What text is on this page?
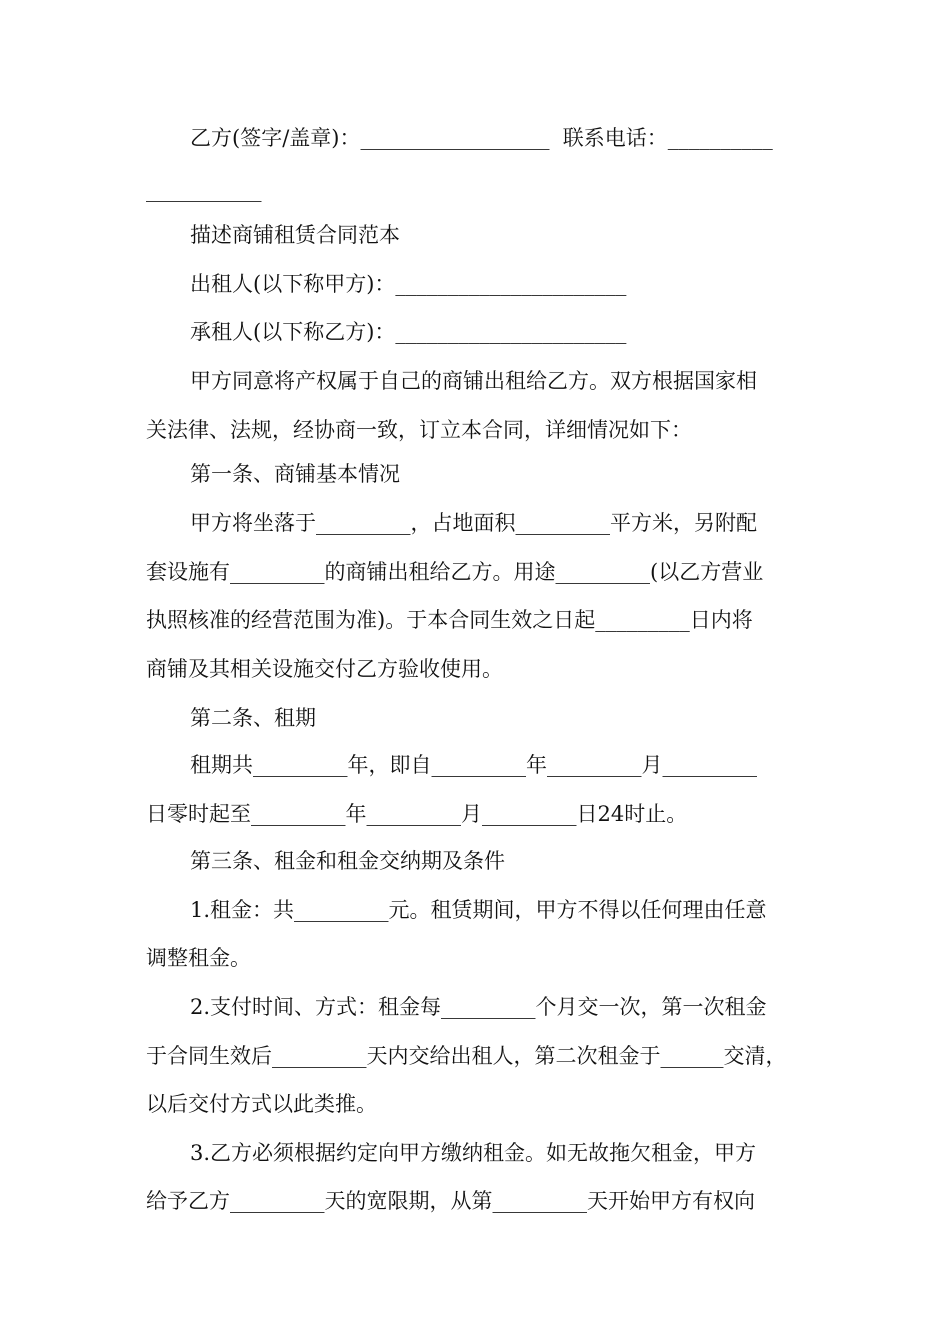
乙方(签字/盖章)：__________________  联系电话：__________
___________
描述商铺租赁合同范本
出租人(以下称甲方)：______________________
承租人(以下称乙方)：______________________
甲方同意将产权属于自己的商铺出租给乙方。双方根据国家相
关法律、法规，经协商一致，订立本合同，详细情况如下：
第一条、商铺基本情况
甲方将坐落于_________，占地面积_________平方米，另附配
套设施有_________的商铺出租给乙方。用途_________(以乙方营业
执照核准的经营范围为准)。于本合同生效之日起_________日内将
商铺及其相关设施交付乙方验收使用。
第二条、租期
租期共_________年，即自_________年_________月_________
日零时起至_________年_________月_________日24时止。
第三条、租金和租金交纳期及条件
1.租金：共_________元。租赁期间，甲方不得以任何理由任意
调整租金。
2.支付时间、方式：租金每_________个月交一次，第一次租金
于合同生效后_________天内交给出租人，第二次租金于______交清，
以后交付方式以此类推。
3.乙方必须根据约定向甲方缴纳租金。如无故拖欠租金，甲方
给予乙方_________天的宽限期，从第_________天开始甲方有权向
